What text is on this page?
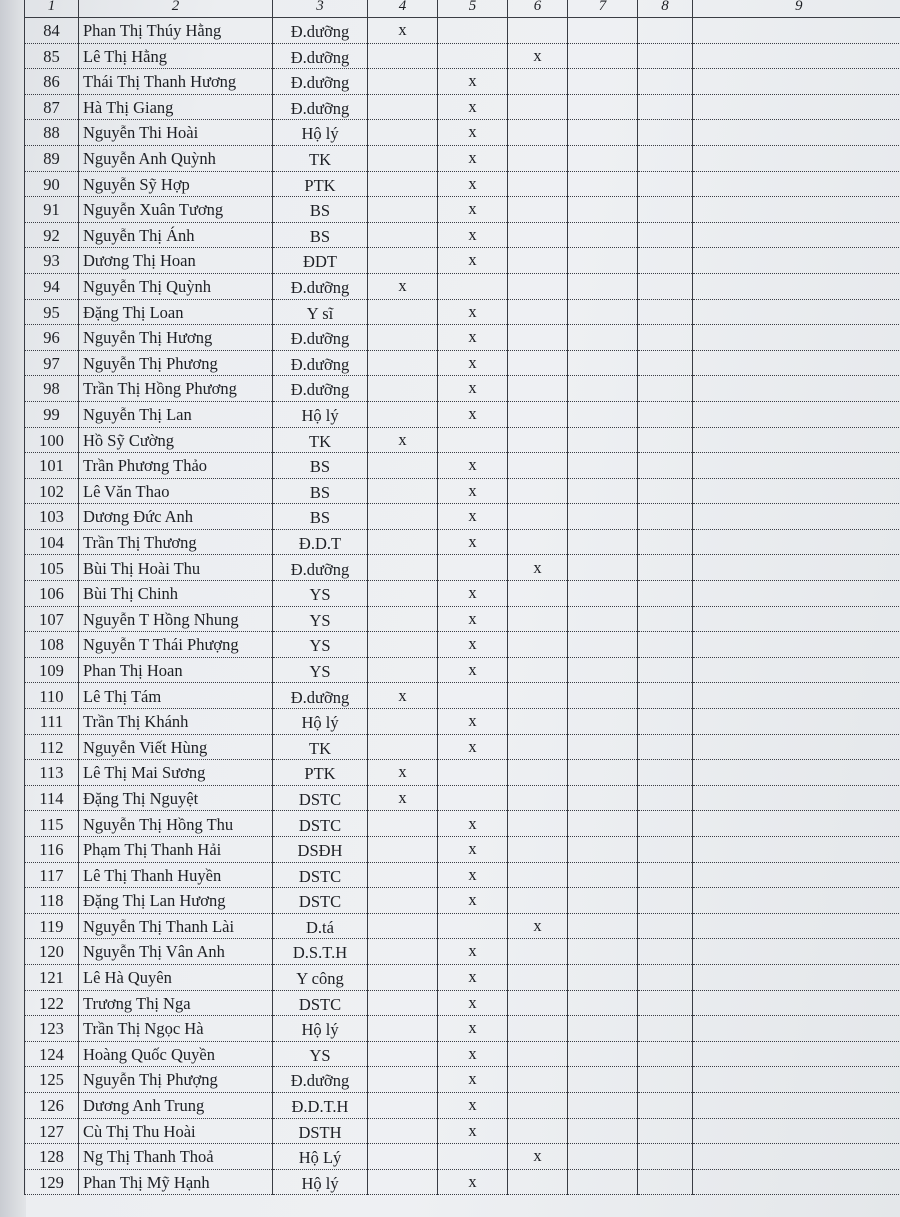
1	2	3	4	5	6	7	8	9
84	Phan Thị Thúy Hằng	Đ.dưỡng	x					
85	Lê Thị Hằng	Đ.dưỡng			x			
86	Thái Thị Thanh Hương	Đ.dưỡng		x				
87	Hà Thị Giang	Đ.dưỡng		x				
88	Nguyễn Thi Hoài	Hộ lý		x				
89	Nguyễn Anh Quỳnh	TK		x				
90	Nguyễn Sỹ Hợp	PTK		x				
91	Nguyễn Xuân Tương	BS		x				
92	Nguyễn Thị Ánh	BS		x				
93	Dương Thị Hoan	ĐDT		x				
94	Nguyễn Thị Quỳnh	Đ.dưỡng	x					
95	Đặng Thị Loan	Y sĩ		x				
96	Nguyễn Thị Hương	Đ.dưỡng		x				
97	Nguyễn Thị Phương	Đ.dưỡng		x				
98	Trần Thị Hồng Phương	Đ.dưỡng		x				
99	Nguyễn Thị Lan	Hộ lý		x				
100	Hồ Sỹ Cường	TK	x					
101	Trần Phương Thảo	BS		x				
102	Lê Văn Thao	BS		x				
103	Dương Đức Anh	BS		x				
104	Trần Thị Thương	Đ.D.T		x				
105	Bùi Thị Hoài Thu	Đ.dưỡng			x			
106	Bùi Thị Chinh	YS		x				
107	Nguyễn T Hồng Nhung	YS		x				
108	Nguyễn T Thái Phượng	YS		x				
109	Phan Thị Hoan	YS		x				
110	Lê Thị Tám	Đ.dưỡng	x					
111	Trần Thị Khánh	Hộ lý		x				
112	Nguyễn Viết Hùng	TK		x				
113	Lê Thị Mai Sương	PTK	x					
114	Đặng Thị Nguyệt	DSTC	x					
115	Nguyễn Thị Hồng Thu	DSTC		x				
116	Phạm Thị Thanh Hải	DSĐH		x				
117	Lê Thị Thanh Huyền	DSTC		x				
118	Đặng Thị Lan Hương	DSTC		x				
119	Nguyễn Thị Thanh Lài	D.tá			x			
120	Nguyễn Thị Vân Anh	D.S.T.H		x				
121	Lê Hà Quyên	Y công		x				
122	Trương Thị Nga	DSTC		x				
123	Trần Thị Ngọc Hà	Hộ lý		x				
124	Hoàng Quốc Quyền	YS		x				
125	Nguyễn Thị Phượng	Đ.dưỡng		x				
126	Dương Anh Trung	Đ.D.T.H		x				
127	Cù Thị Thu Hoài	DSTH		x				
128	Ng Thị Thanh Thoả	Hộ Lý			x			
129	Phan Thị Mỹ Hạnh	Hộ lý		x				
